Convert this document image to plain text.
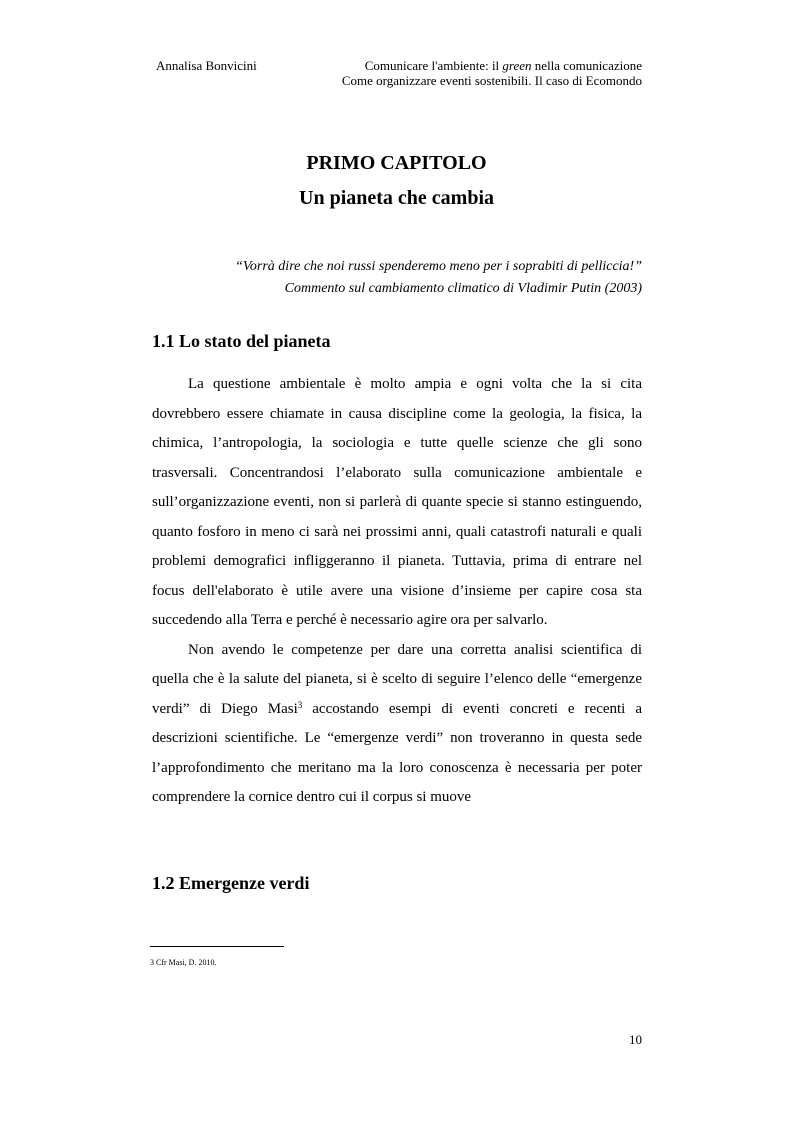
Annalisa Bonvicini	Comunicare l'ambiente: il green nella comunicazione
Come organizzare eventi sostenibili. Il caso di Ecomondo
PRIMO CAPITOLO
Un pianeta che cambia
“Vorrà dire che noi russi spenderemo meno per i soprabiti di pelliccia!”
Commento sul cambiamento climatico di Vladimir Putin (2003)
1.1 Lo stato del pianeta

La questione ambientale è molto ampia e ogni volta che la si cita dovrebbero essere chiamate in causa discipline come la geologia, la fisica, la chimica, l’antropologia, la sociologia e tutte quelle scienze che gli sono trasversali. Concentrandosi l’elaborato sulla comunicazione ambientale e sull’organizzazione eventi, non si parlerà di quante specie si stanno estinguendo, quanto fosforo in meno ci sarà nei prossimi anni, quali catastrofi naturali e quali problemi demografici infliggeranno il pianeta. Tuttavia, prima di entrare nel focus dell'elaborato è utile avere una visione d’insieme per capire cosa sta succedendo alla Terra e perché è necessario agire ora per salvarlo.

Non avendo le competenze per dare una corretta analisi scientifica di quella che è la salute del pianeta, si è scelto di seguire l’elenco delle “emergenze verdi” di Diego Masi$^3$ accostando esempi di eventi concreti e recenti a descrizioni scientifiche. Le “emergenze verdi” non troveranno in questa sede l’approfondimento che meritano ma la loro conoscenza è necessaria per poter comprendere la cornice dentro cui il corpus si muove

1.2 Emergenze verdi
3 Cfr Masi, D. 2010.
10
